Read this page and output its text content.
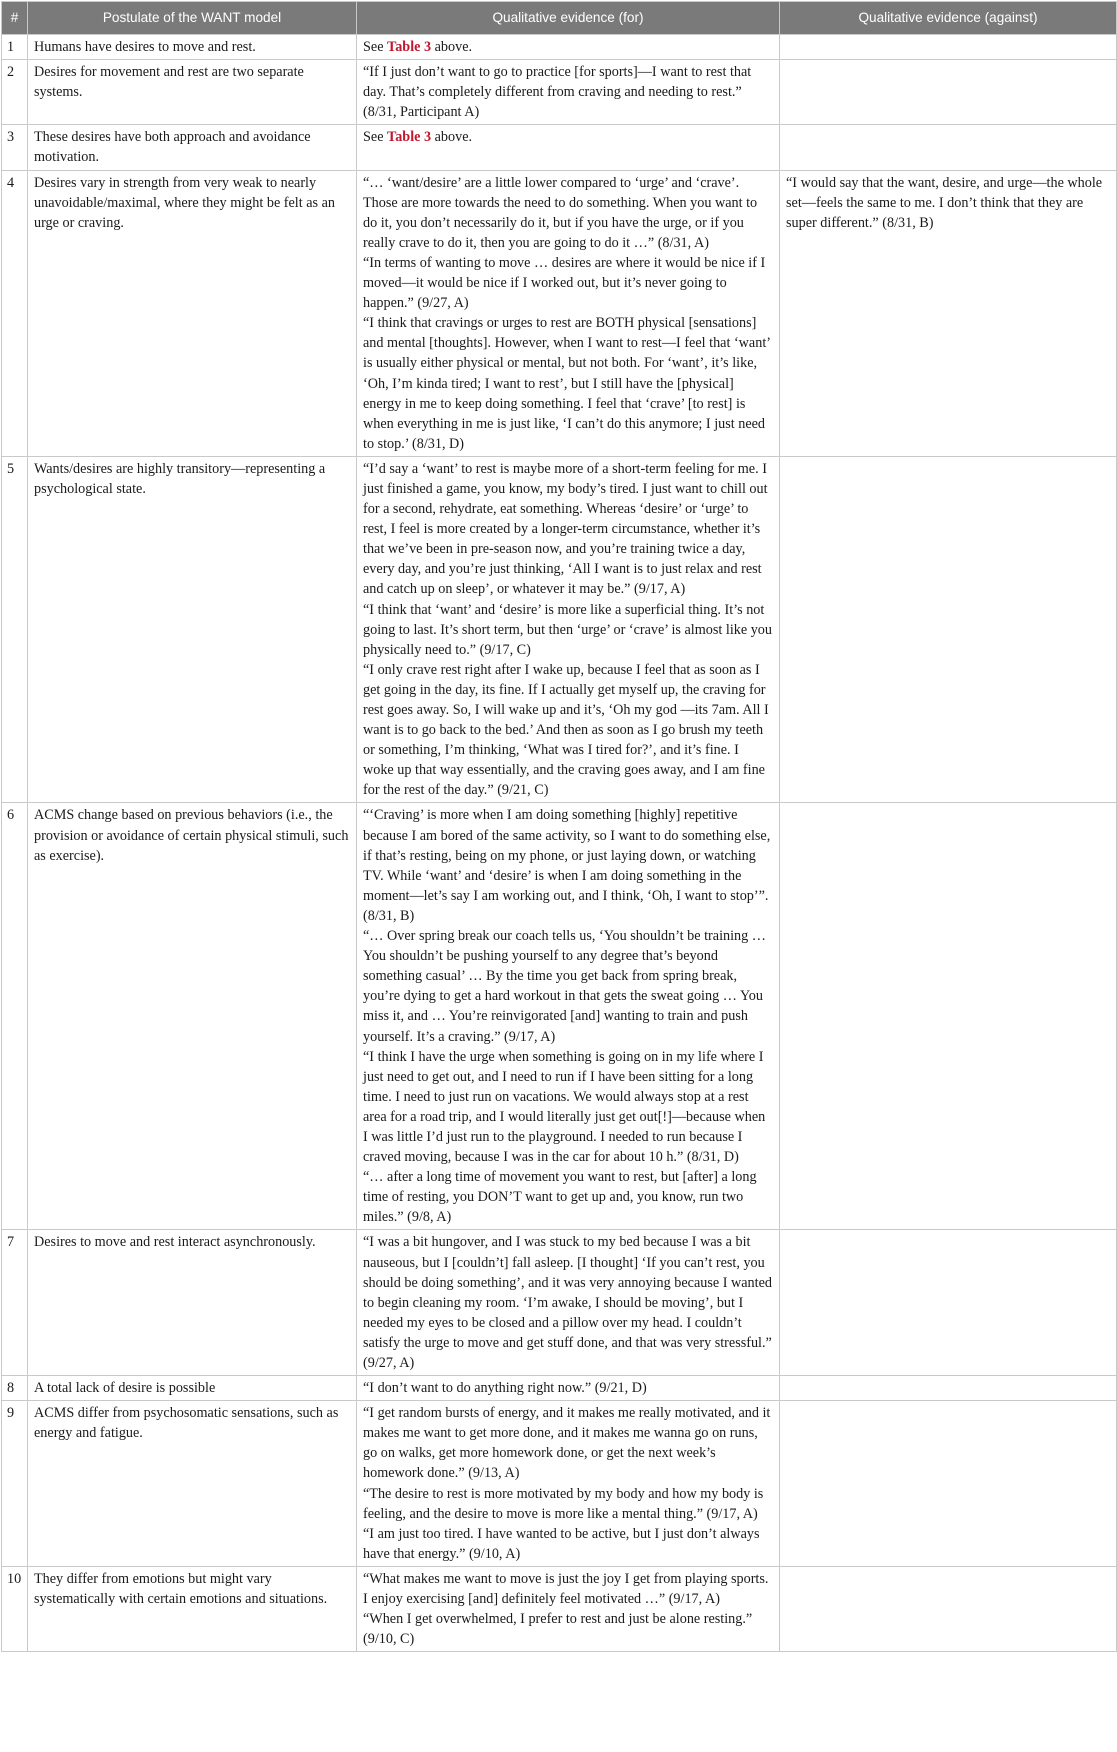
#	Postulate of the WANT model	Qualitative evidence (for)	Qualitative evidence (against)
1	Humans have desires to move and rest.	See Table 3 above.	
2	Desires for movement and rest are two separate systems.	“If I just don’t want to go to practice [for sports]—I want to rest that day. That’s completely different from craving and needing to rest.” (8/31, Participant A)	

3	These desires have both approach and avoidance motivation.	See Table 3 above.	
4	Desires vary in strength from very weak to nearly unavoidable/maximal, where they might be felt as an urge or craving.	“… ‘want/desire’ are a little lower compared to ‘urge’ and ‘crave’. Those are more towards the need to do something. When you want to do it, you don’t necessarily do it, but if you have the urge, or if you really crave to do it, then you are going to do it …” (8/31, A)
“In terms of wanting to move … desires are where it would be nice if I moved—it would be nice if I worked out, but it’s never going to happen.” (9/27, A)
“I think that cravings or urges to rest are BOTH physical [sensations] and mental [thoughts]. However, when I want to rest—I feel that ‘want’ is usually either physical or mental, but not both. For ‘want’, it’s like, ‘Oh, I’m kinda tired; I want to rest’, but I still have the [physical] energy in me to keep doing something. I feel that ‘crave’ [to rest] is when everything in me is just like, ‘I can’t do this anymore; I just need to stop.’ (8/31, D)	“I would say that the want, desire, and urge—the whole set—feels the same to me. I don’t think that they are super different.” (8/31, B)

5	Wants/desires are highly transitory—representing a psychological state.	“I’d say a ‘want’ to rest is maybe more of a short-term feeling for me. I just finished a game, you know, my body’s tired. I just want to chill out for a second, rehydrate, eat something. Whereas ‘desire’ or ‘urge’ to rest, I feel is more created by a longer-term circumstance, whether it’s that we’ve been in pre-season now, and you’re training twice a day, every day, and you’re just thinking, ‘All I want is to just relax and rest and catch up on sleep’, or whatever it may be.” (9/17, A)
“I think that ‘want’ and ‘desire’ is more like a superficial thing. It’s not going to last. It’s short term, but then ‘urge’ or ‘crave’ is almost like you physically need to.” (9/17, C)
“I only crave rest right after I wake up, because I feel that as soon as I get going in the day, its fine. If I actually get myself up, the craving for rest goes away. So, I will wake up and it’s, ‘Oh my god —its 7am. All I want is to go back to the bed.’ And then as soon as I go brush my teeth or something, I’m thinking, ‘What was I tired for?’, and it’s fine. I woke up that way essentially, and the craving goes away, and I am fine for the rest of the day.” (9/21, C)	

6	ACMS change based on previous behaviors (i.e., the provision or avoidance of certain physical stimuli, such as exercise).	“‘Craving’ is more when I am doing something [highly] repetitive because I am bored of the same activity, so I want to do something else, if that’s resting, being on my phone, or just laying down, or watching TV. While ‘want’ and ‘desire’ is when I am doing something in the moment—let’s say I am working out, and I think, ‘Oh, I want to stop’”. (8/31, B)
“… Over spring break our coach tells us, ‘You shouldn’t be training … You shouldn’t be pushing yourself to any degree that’s beyond something casual’ … By the time you get back from spring break, you’re dying to get a hard workout in that gets the sweat going … You miss it, and … You’re reinvigorated [and] wanting to train and push yourself. It’s a craving.” (9/17, A)
“I think I have the urge when something is going on in my life where I just need to get out, and I need to run if I have been sitting for a long time. I need to just run on vacations. We would always stop at a rest area for a road trip, and I would literally just get out[!]—because when I was little I’d just run to the playground. I needed to run because I craved moving, because I was in the car for about 10 h.” (8/31, D)
“… after a long time of movement you want to rest, but [after] a long time of resting, you DON’T want to get up and, you know, run two miles.” (9/8, A)	

7	Desires to move and rest interact asynchronously.	“I was a bit hungover, and I was stuck to my bed because I was a bit nauseous, but I [couldn’t] fall asleep. [I thought] ‘If you can’t rest, you should be doing something’, and it was very annoying because I wanted to begin cleaning my room. ‘I’m awake, I should be moving’, but I needed my eyes to be closed and a pillow over my head. I couldn’t satisfy the urge to move and get stuff done, and that was very stressful.” (9/27, A)	

8	A total lack of desire is possible	“I don’t want to do anything right now.” (9/21, D)	

9	ACMS differ from psychosomatic sensations, such as energy and fatigue.	“I get random bursts of energy, and it makes me really motivated, and it makes me want to get more done, and it makes me wanna go on runs, go on walks, get more homework done, or get the next week’s homework done.” (9/13, A)
“The desire to rest is more motivated by my body and how my body is feeling, and the desire to move is more like a mental thing.” (9/17, A)
“I am just too tired. I have wanted to be active, but I just don’t always have that energy.” (9/10, A)	

10	They differ from emotions but might vary systematically with certain emotions and situations.	“What makes me want to move is just the joy I get from playing sports. I enjoy exercising [and] definitely feel motivated …” (9/17, A)
“When I get overwhelmed, I prefer to rest and just be alone resting.” (9/10, C)	
